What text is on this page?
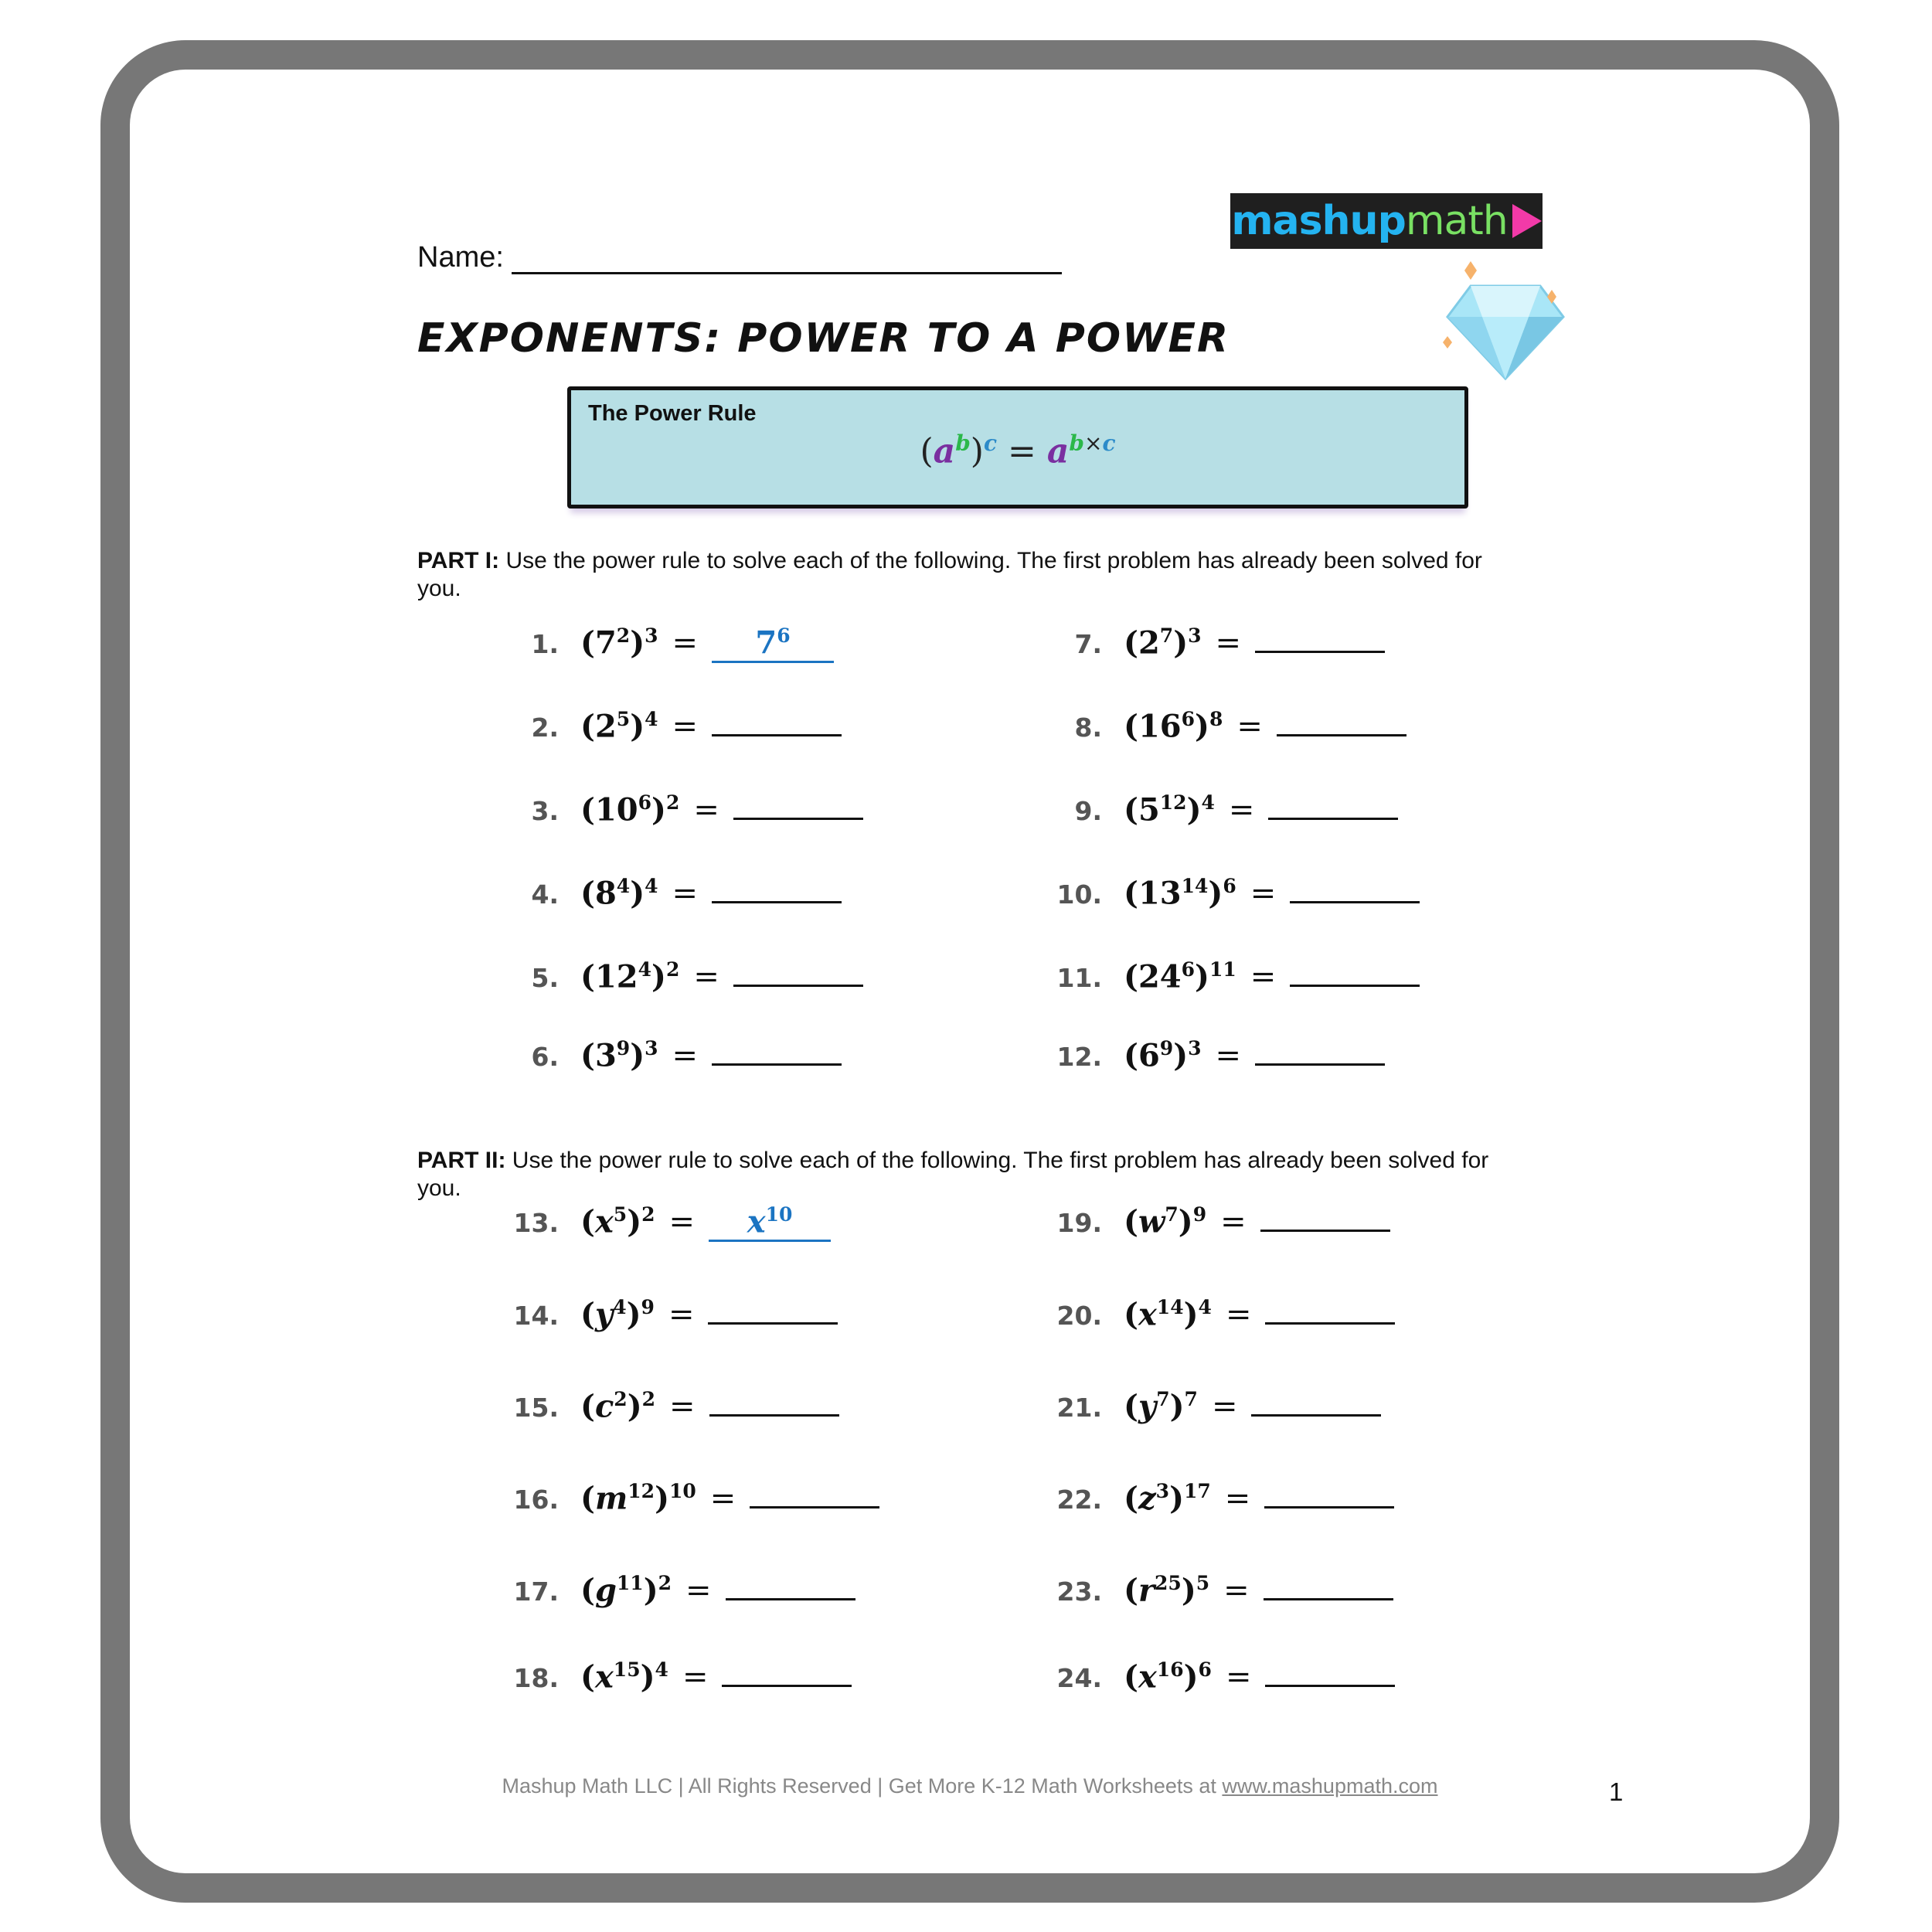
Name:
mashup math
EXPONENTS: POWER TO A POWER
The Power Rule
$(a^b)^c = a^{b\times c}$
PART I: Use the power rule to solve each of the following. The first problem has already been solved for you.
PART II: Use the power rule to solve each of the following. The first problem has already been solved for you.
1. $(7^2)^3$ =	$7^6$
2. $(2^5)^4$ =
3. $(10^6)^2$ =
4. $(8^4)^4$ =
5. $(12^4)^2$ =
6. $(3^9)^3$ =
7. $(2^7)^3$ =
8. $(16^6)^8$ =
9. $(5^{12})^4$ =
10. $(13^{14})^6$ =
11. $(24^6)^{11}$ =
12. $(6^9)^3$ =
13. $(x^5)^2$ =	$x^{10}$
14. $(y^4)^9$ =
15. $(c^2)^2$ =
16. $(m^{12})^{10}$ =
17. $(g^{11})^2$ =
18. $(x^{15})^4$ =
19. $(w^7)^9$ =
20. $(x^{14})^4$ =
21. $(y^7)^7$ =
22. $(z^3)^{17}$ =
23. $(r^{25})^5$ =
24. $(x^{16})^6$ =
Mashup Math LLC | All Rights Reserved | Get More K-12 Math Worksheets at www.mashupmath.com	1
